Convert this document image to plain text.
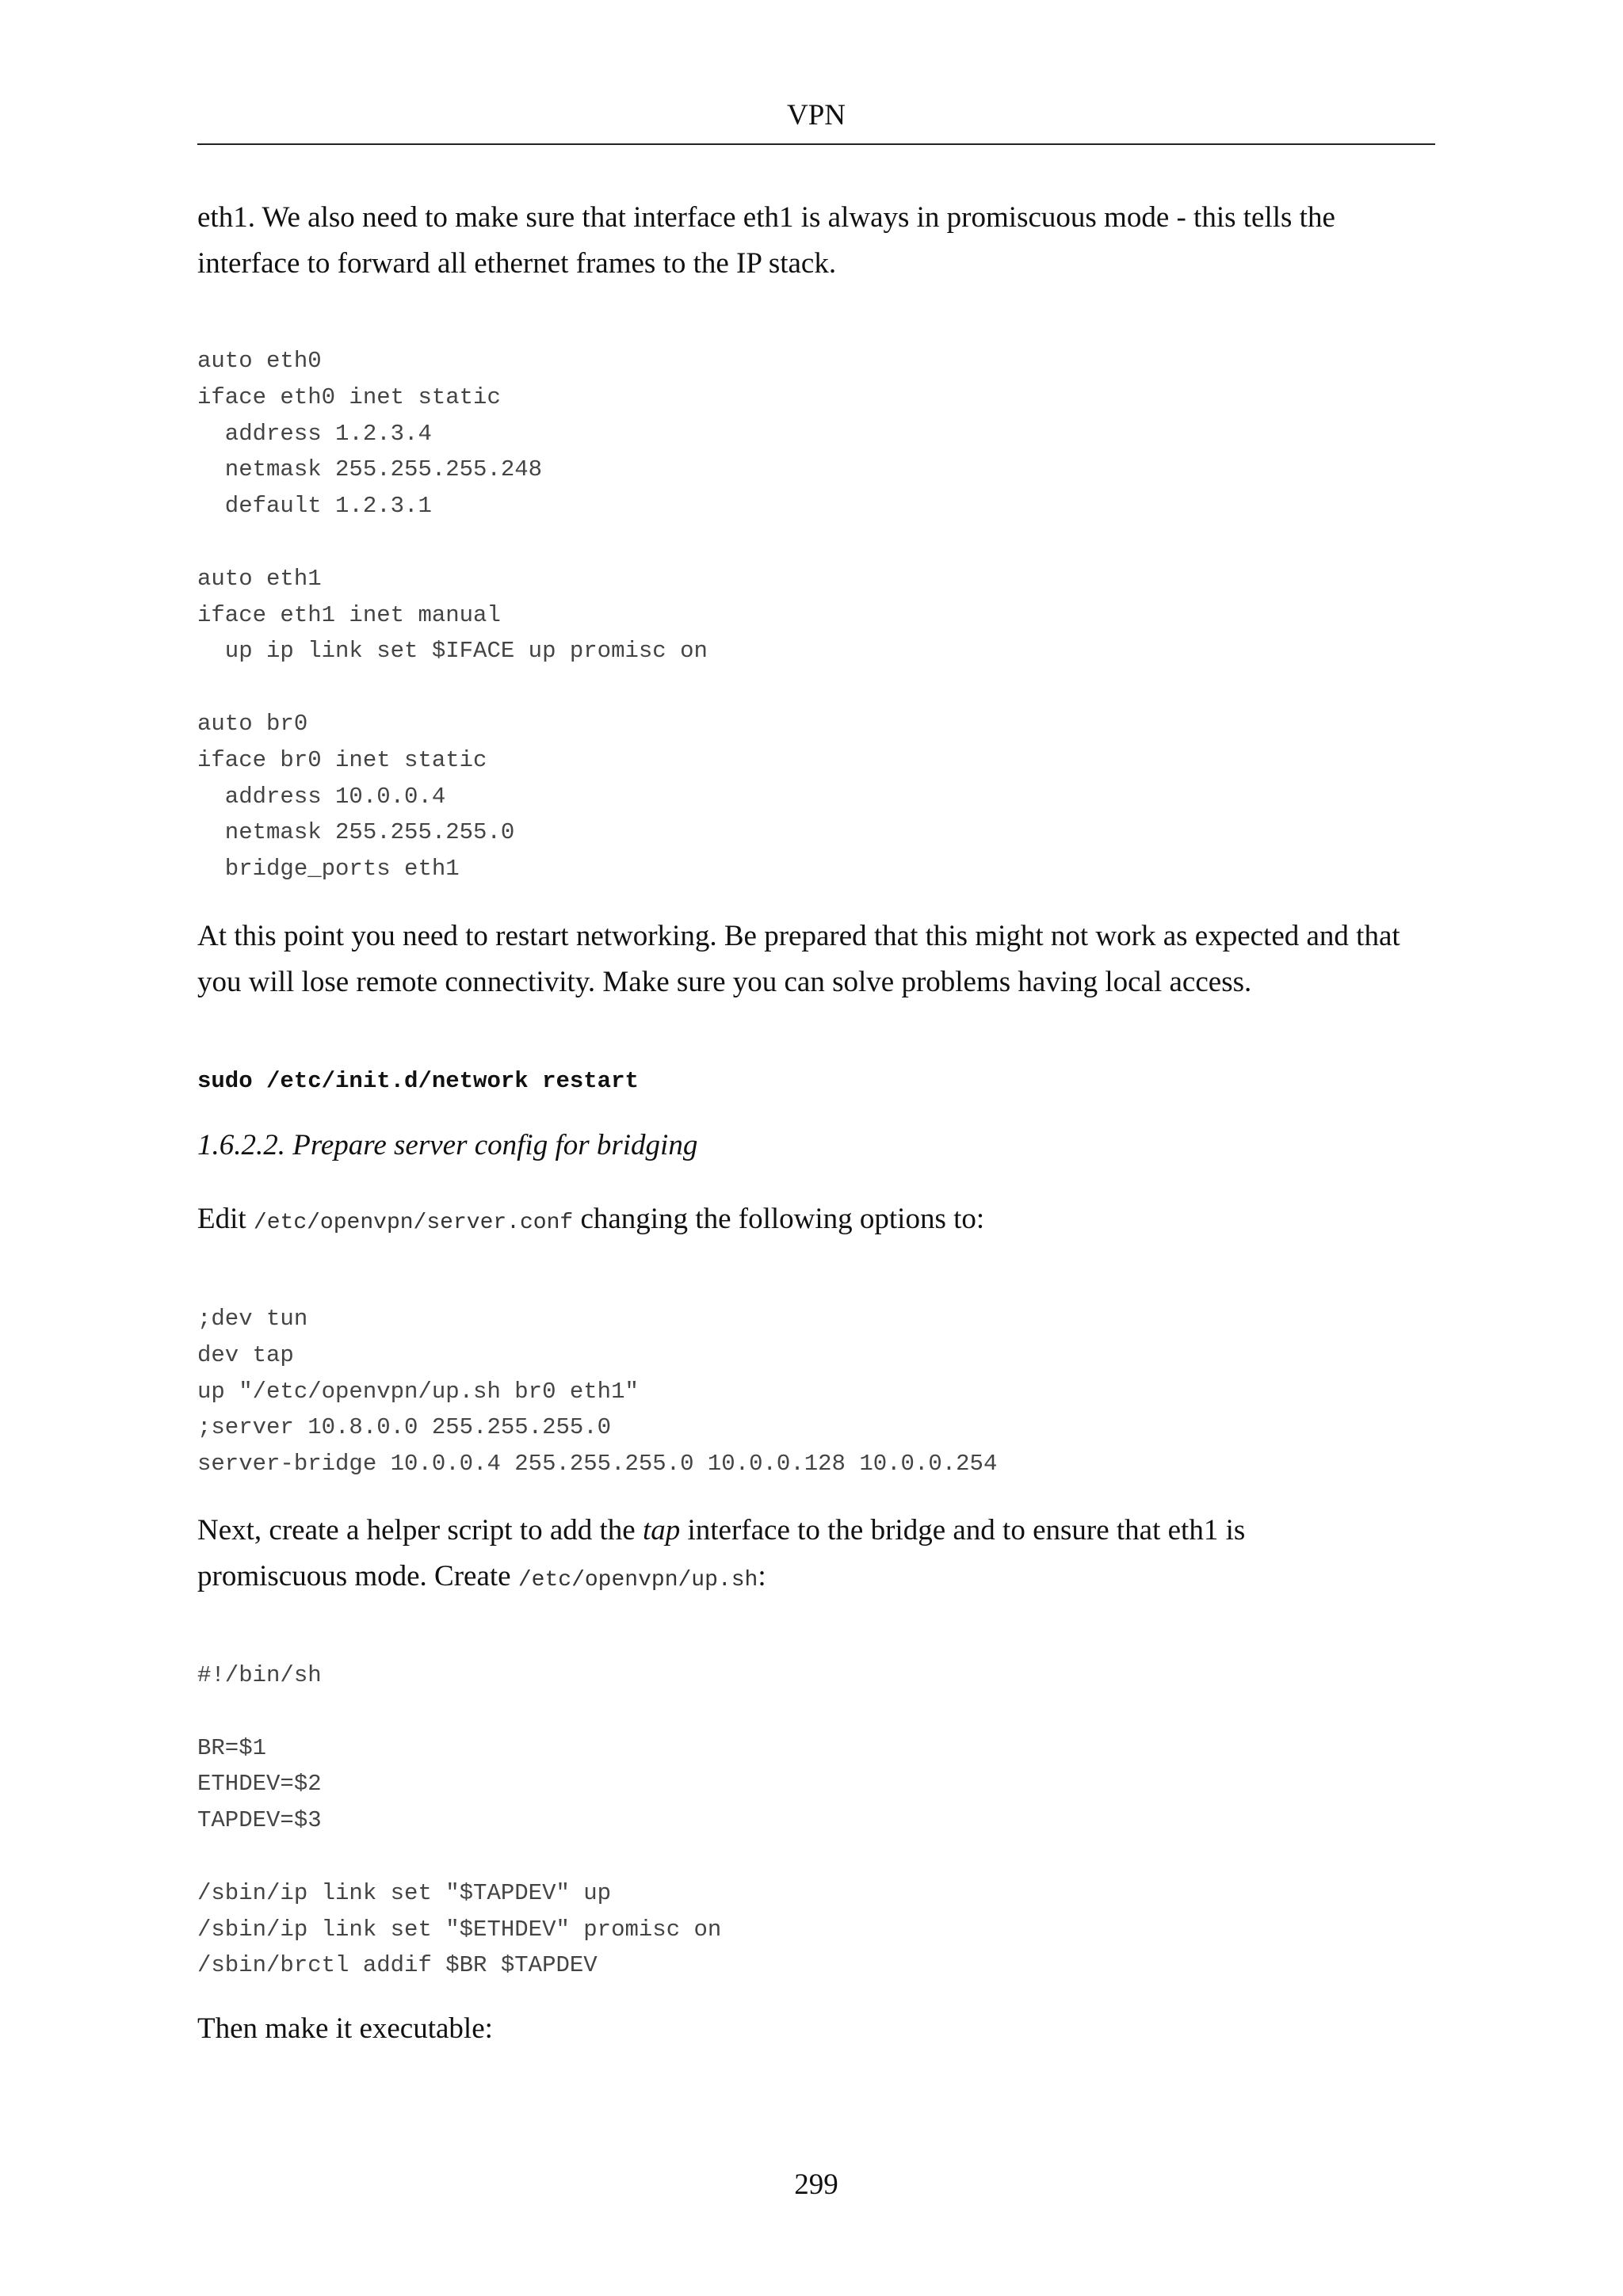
VPN

eth1. We also need to make sure that interface eth1 is always in promiscuous mode - this tells the
interface to forward all ethernet frames to the IP stack.

auto eth0
iface eth0 inet static
address 1.2.3.4
netmask 255.255.255.248
default 1.2.3.1

auto eth1
iface eth1 inet manual
up ip link set $IFACE up promisc on

auto br0
iface br0 inet static
address 10.0.0.4
netmask 255.255.255.0
bridge_ports eth1

At this point you need to restart networking. Be prepared that this might not work as expected and that
you will lose remote connectivity. Make sure you can solve problems having local access.

sudo /etc/init.d/network restart

1.6.2.2. Prepare server config for bridging

Edit /etc/openvpn/server.conf changing the following options to:

;dev tun
dev tap
up "/etc/openvpn/up.sh br0 eth1"
;server 10.8.0.0 255.255.255.0
server-bridge 10.0.0.4 255.255.255.0 10.0.0.128 10.0.0.254

Next, create a helper script to add the tap interface to the bridge and to ensure that eth1 is
promiscuous mode. Create /etc/openvpn/up.sh:

#!/bin/sh

BR=$1
ETHDEV=$2
TAPDEV=$3

/sbin/ip link set "$TAPDEV" up
/sbin/ip link set "$ETHDEV" promisc on
/sbin/brctl addif $BR $TAPDEV

Then make it executable:

299
